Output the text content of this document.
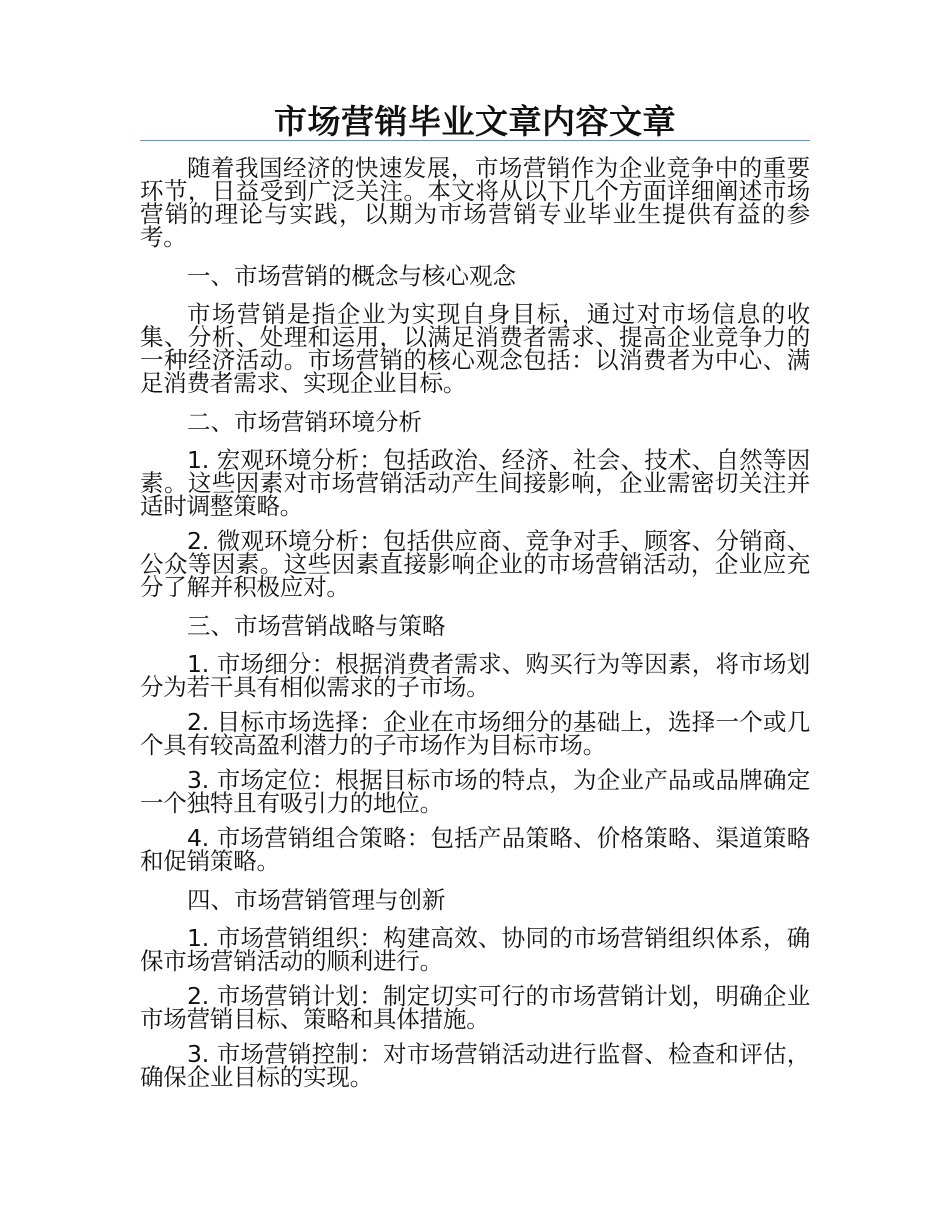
市场营销毕业文章内容文章

随着我国经济的快速发展，市场营销作为企业竞争中的重要环节，日益受到广泛关注。本文将从以下几个方面详细阐述市场营销的理论与实践，以期为市场营销专业毕业生提供有益的参考。

一、市场营销的概念与核心观念

市场营销是指企业为实现自身目标，通过对市场信息的收集、分析、处理和运用，以满足消费者需求、提高企业竞争力的一种经济活动。市场营销的核心观念包括：以消费者为中心、满足消费者需求、实现企业目标。

二、市场营销环境分析

1. 宏观环境分析：包括政治、经济、社会、技术、自然等因素。这些因素对市场营销活动产生间接影响，企业需密切关注并适时调整策略。

2. 微观环境分析：包括供应商、竞争对手、顾客、分销商、公众等因素。这些因素直接影响企业的市场营销活动，企业应充分了解并积极应对。

三、市场营销战略与策略

1. 市场细分：根据消费者需求、购买行为等因素，将市场划分为若干具有相似需求的子市场。

2. 目标市场选择：企业在市场细分的基础上，选择一个或几个具有较高盈利潜力的子市场作为目标市场。

3. 市场定位：根据目标市场的特点，为企业产品或品牌确定一个独特且有吸引力的地位。

4. 市场营销组合策略：包括产品策略、价格策略、渠道策略和促销策略。

四、市场营销管理与创新

1. 市场营销组织：构建高效、协同的市场营销组织体系，确保市场营销活动的顺利进行。

2. 市场营销计划：制定切实可行的市场营销计划，明确企业市场营销目标、策略和具体措施。

3. 市场营销控制：对市场营销活动进行监督、检查和评估，确保企业目标的实现。
